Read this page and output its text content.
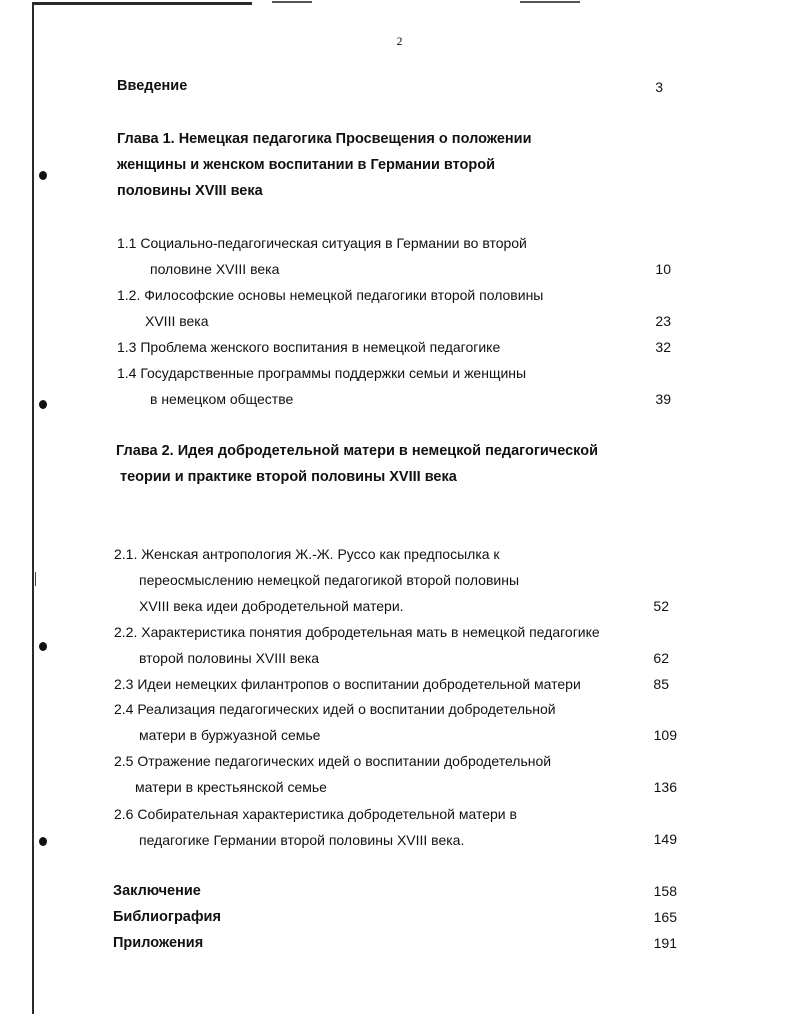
2
Введение	3
Глава 1. Немецкая педагогика Просвещения о положении
женщины и женском воспитании в Германии второй
половины XVIII века
1.1 Социально-педагогическая ситуация в Германии во второй
половине XVIII века	10
1.2. Философские основы немецкой педагогики второй половины
XVIII века	23
1.3 Проблема женского воспитания в немецкой педагогике	32
1.4 Государственные программы поддержки семьи и женщины
в немецком обществе	39
Глава 2. Идея добродетельной матери в немецкой педагогической
теории и практике второй половины XVIII века
2.1. Женская антропология Ж.-Ж. Руссо как предпосылка к
переосмыслению немецкой педагогикой второй половины
XVIII века идеи добродетельной матери.	52
2.2. Характеристика понятия добродетельная мать в немецкой педагогике
второй половины XVIII века	62
2.3 Идеи немецких филантропов о воспитании добродетельной матери	85
2.4 Реализация педагогических идей о воспитании добродетельной
матери в буржуазной семье	109
2.5 Отражение педагогических идей о воспитании добродетельной
матери в крестьянской семье	136
2.6 Собирательная характеристика добродетельной матери в
педагогике Германии второй половины XVIII века.	149
Заключение	158
Библиография	165
Приложения	191
